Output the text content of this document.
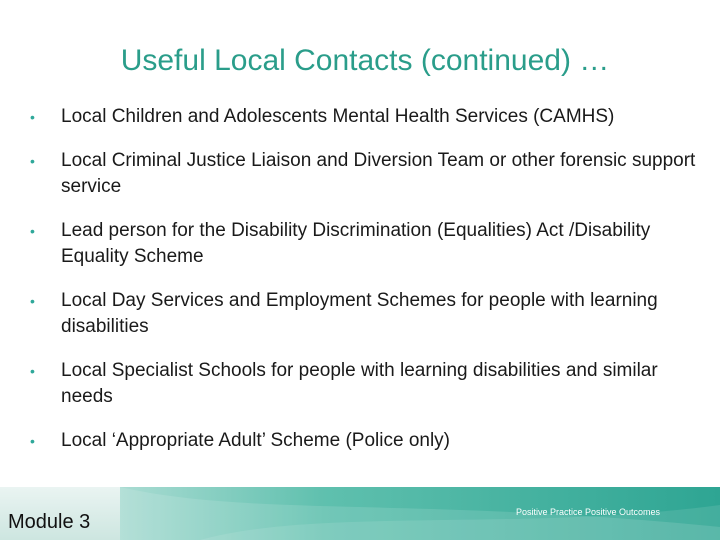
Useful Local Contacts (continued) …
• Local Children and Adolescents Mental Health Services (CAMHS)
• Local Criminal Justice Liaison and Diversion Team or other forensic support service
• Lead person for the Disability Discrimination (Equalities) Act /Disability Equality Scheme
• Local Day Services and Employment Schemes for people with learning disabilities
• Local Specialist Schools for people with learning disabilities and similar needs
• Local ‘Appropriate Adult’ Scheme (Police only)
Module 3	Positive Practice Positive Outcomes
